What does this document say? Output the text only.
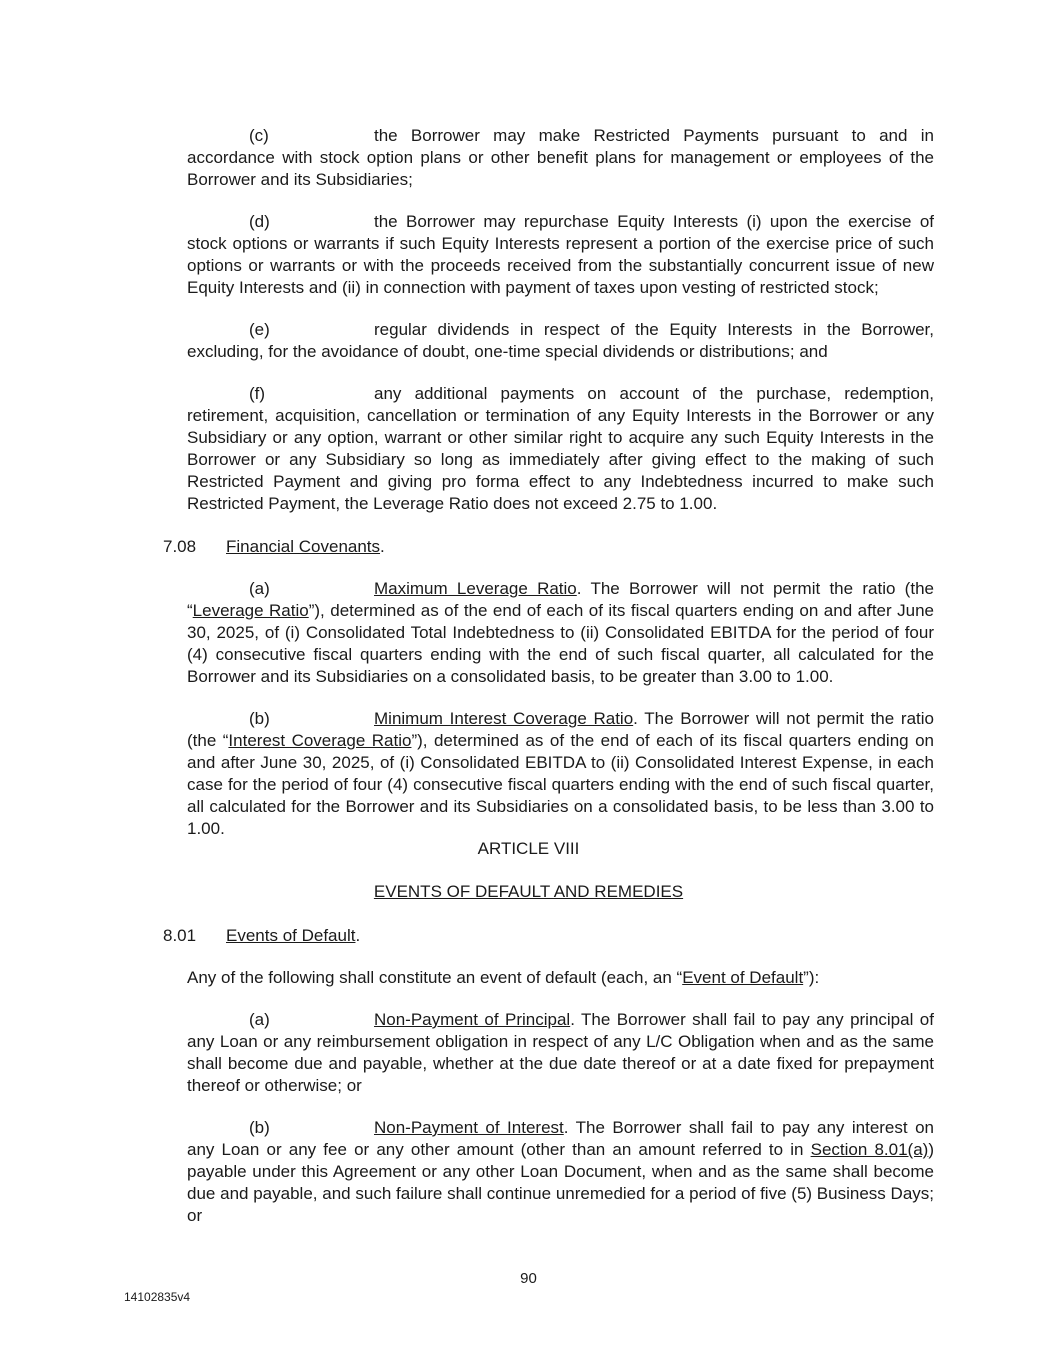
(c)	the Borrower may make Restricted Payments pursuant to and in accordance with stock option plans or other benefit plans for management or employees of the Borrower and its Subsidiaries;

(d)	the Borrower may repurchase Equity Interests (i) upon the exercise of stock options or warrants if such Equity Interests represent a portion of the exercise price of such options or warrants or with the proceeds received from the substantially concurrent issue of new Equity Interests and (ii) in connection with payment of taxes upon vesting of restricted stock;

(e)	regular dividends in respect of the Equity Interests in the Borrower, excluding, for the avoidance of doubt, one-time special dividends or distributions; and

(f)	any additional payments on account of the purchase, redemption, retirement, acquisition, cancellation or termination of any Equity Interests in the Borrower or any Subsidiary or any option, warrant or other similar right to acquire any such Equity Interests in the Borrower or any Subsidiary so long as immediately after giving effect to the making of such Restricted Payment and giving pro forma effect to any Indebtedness incurred to make such Restricted Payment, the Leverage Ratio does not exceed 2.75 to 1.00.

7.08 Financial Covenants.

(a)	Maximum Leverage Ratio. The Borrower will not permit the ratio (the “Leverage Ratio”), determined as of the end of each of its fiscal quarters ending on and after June 30, 2025, of (i) Consolidated Total Indebtedness to (ii) Consolidated EBITDA for the period of four (4) consecutive fiscal quarters ending with the end of such fiscal quarter, all calculated for the Borrower and its Subsidiaries on a consolidated basis, to be greater than 3.00 to 1.00.

(b)	Minimum Interest Coverage Ratio. The Borrower will not permit the ratio (the “Interest Coverage Ratio”), determined as of the end of each of its fiscal quarters ending on and after June 30, 2025, of (i) Consolidated EBITDA to (ii) Consolidated Interest Expense, in each case for the period of four (4) consecutive fiscal quarters ending with the end of such fiscal quarter, all calculated for the Borrower and its Subsidiaries on a consolidated basis, to be less than 3.00 to 1.00.

ARTICLE VIII

EVENTS OF DEFAULT AND REMEDIES

8.01 Events of Default.

Any of the following shall constitute an event of default (each, an “Event of Default”):

(a)	Non-Payment of Principal. The Borrower shall fail to pay any principal of any Loan or any reimbursement obligation in respect of any L/C Obligation when and as the same shall become due and payable, whether at the due date thereof or at a date fixed for prepayment thereof or otherwise; or

(b)	Non-Payment of Interest. The Borrower shall fail to pay any interest on any Loan or any fee or any other amount (other than an amount referred to in Section 8.01(a)) payable under this Agreement or any other Loan Document, when and as the same shall become due and payable, and such failure shall continue unremedied for a period of five (5) Business Days; or

90
14102835v4
